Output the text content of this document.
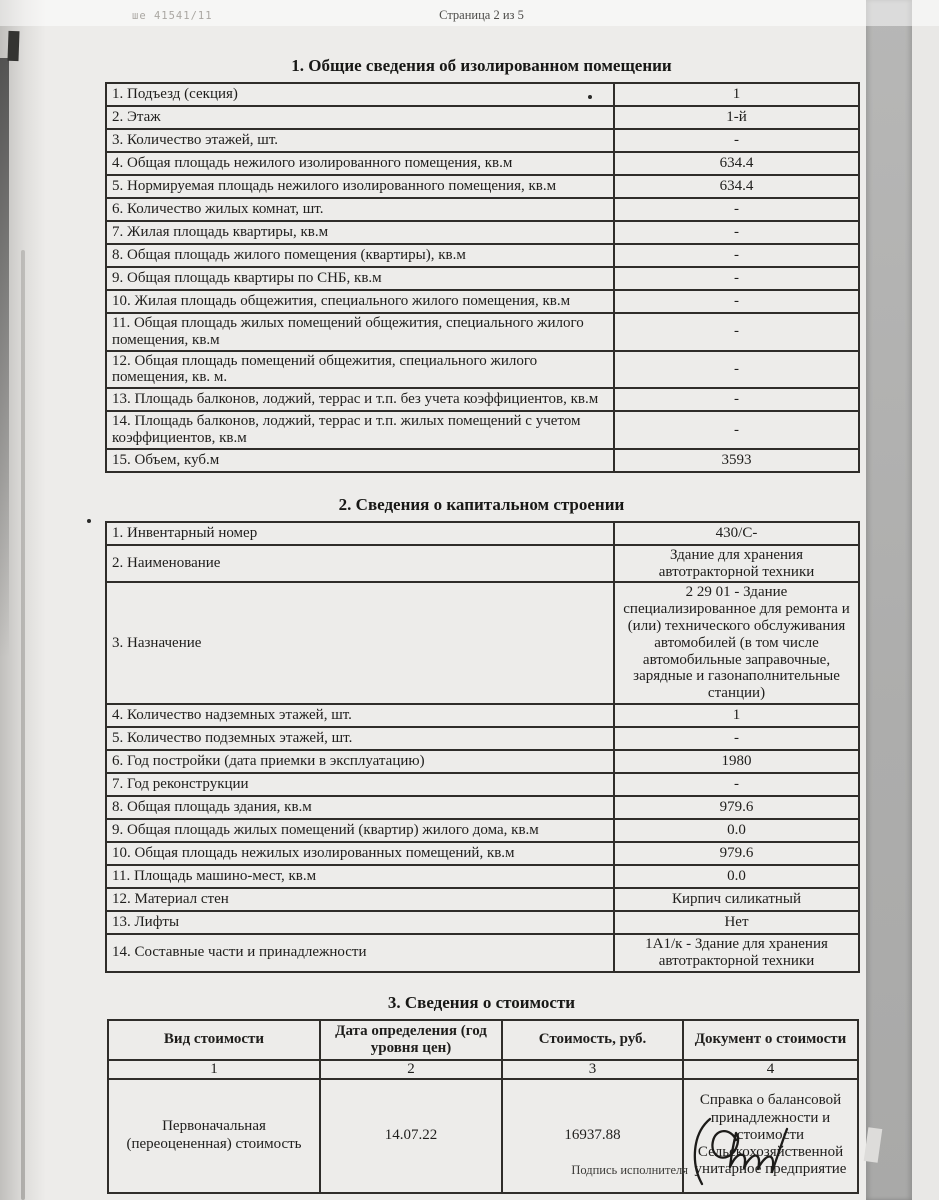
ше 41541/11	Страница 2 из 5
1. Общие сведения об изолированном помещении
1. Подъезд (секция)	1
2. Этаж	1-й
3. Количество этажей, шт.	-
4. Общая площадь нежилого изолированного помещения, кв.м	634.4
5. Нормируемая площадь нежилого изолированного помещения, кв.м	634.4
6. Количество жилых комнат, шт.	-
7. Жилая площадь квартиры, кв.м	-
8. Общая площадь жилого помещения (квартиры), кв.м	-
9. Общая площадь квартиры по СНБ, кв.м	-
10. Жилая площадь общежития, специального жилого помещения, кв.м	-
11. Общая площадь жилых помещений общежития, специального жилого помещения, кв.м	-
12. Общая площадь помещений общежития, специального жилого помещения, кв. м.	-
13. Площадь балконов, лоджий, террас и т.п. без учета коэффициентов, кв.м	-
14. Площадь балконов, лоджий, террас и т.п. жилых помещений с учетом коэффициентов, кв.м	-
15. Объем, куб.м	3593
2. Сведения о капитальном строении
1. Инвентарный номер	430/С-
2. Наименование	Здание для хранения автотракторной техники
3. Назначение	2 29 01 - Здание специализированное для ремонта и (или) технического обслуживания автомобилей (в том числе автомобильные заправочные, зарядные и газонаполнительные станции)
4. Количество надземных этажей, шт.	1
5. Количество подземных этажей, шт.	-
6. Год постройки (дата приемки в эксплуатацию)	1980
7. Год реконструкции	-
8. Общая площадь здания, кв.м	979.6
9. Общая площадь жилых помещений (квартир) жилого дома, кв.м	0.0
10. Общая площадь нежилых изолированных помещений, кв.м	979.6
11. Площадь машино-мест, кв.м	0.0
12. Материал стен	Кирпич силикатный
13. Лифты	Нет
14. Составные части и принадлежности	1А1/к - Здание для хранения автотракторной техники
3. Сведения о стоимости
Вид стоимости	Дата определения (год уровня цен)	Стоимость, руб.	Документ о стоимости
1	2	3	4
Первоначальная (переоцененная) стоимость	14.07.22	16937.88	Справка о балансовой принадлежности и стоимости Сельскохозяйственной унитарное предприятие
Подпись исполнителя
